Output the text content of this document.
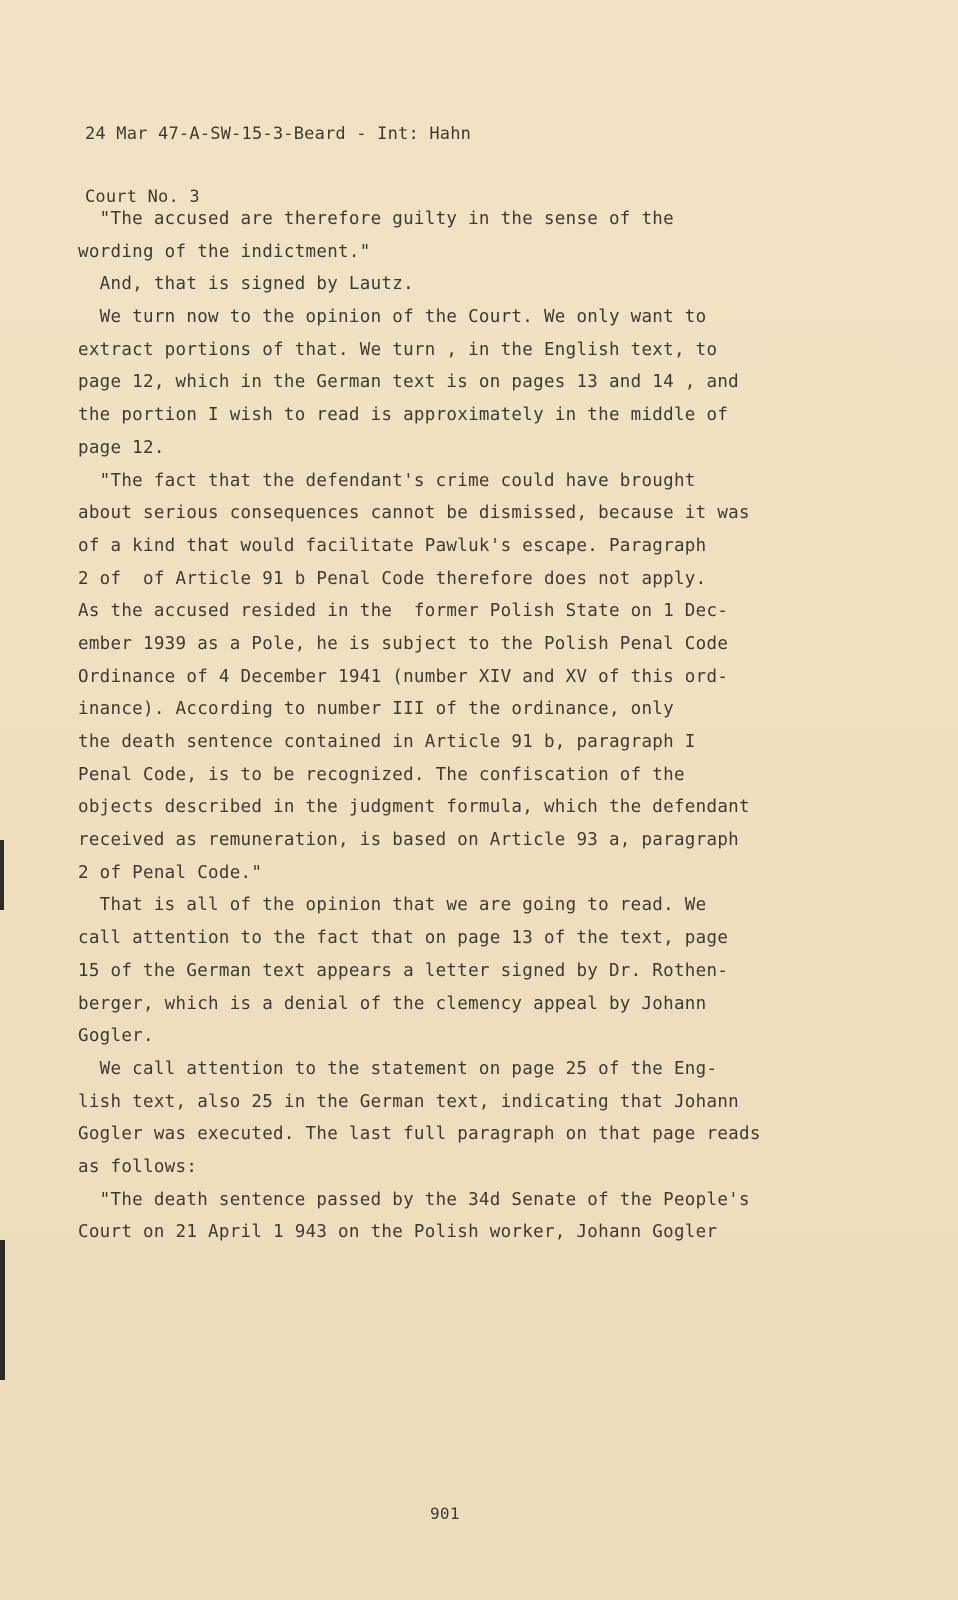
24 Mar 47-A-SW-15-3-Beard - Int: Hahn

Court No. 3

"The accused are therefore guilty in the sense of the
wording of the indictment."
And, that is signed by Lautz.
We turn now to the opinion of the Court. We only want to
extract portions of that. We turn , in the English text, to
page 12, which in the German text is on pages 13 and 14 , and
the portion I wish to read is approximately in the middle of
page 12.
"The fact that the defendant's crime could have brought
about serious consequences cannot be dismissed, because it was
of a kind that would facilitate Pawluk's escape. Paragraph
2 of  of Article 91 b Penal Code therefore does not apply.
As the accused resided in the  former Polish State on 1 Dec-
ember 1939 as a Pole, he is subject to the Polish Penal Code
Ordinance of 4 December 1941 (number XIV and XV of this ord-
inance). According to number III of the ordinance, only
the death sentence contained in Article 91 b, paragraph I
Penal Code, is to be recognized. The confiscation of the
objects described in the judgment formula, which the defendant
received as remuneration, is based on Article 93 a, paragraph
2 of Penal Code."
That is all of the opinion that we are going to read. We
call attention to the fact that on page 13 of the text, page
15 of the German text appears a letter signed by Dr. Rothen-
berger, which is a denial of the clemency appeal by Johann
Gogler.
We call attention to the statement on page 25 of the Eng-
lish text, also 25 in the German text, indicating that Johann
Gogler was executed. The last full paragraph on that page reads
as follows:
"The death sentence passed by the 34d Senate of the People's
Court on 21 April 1 943 on the Polish worker, Johann Gogler
901
